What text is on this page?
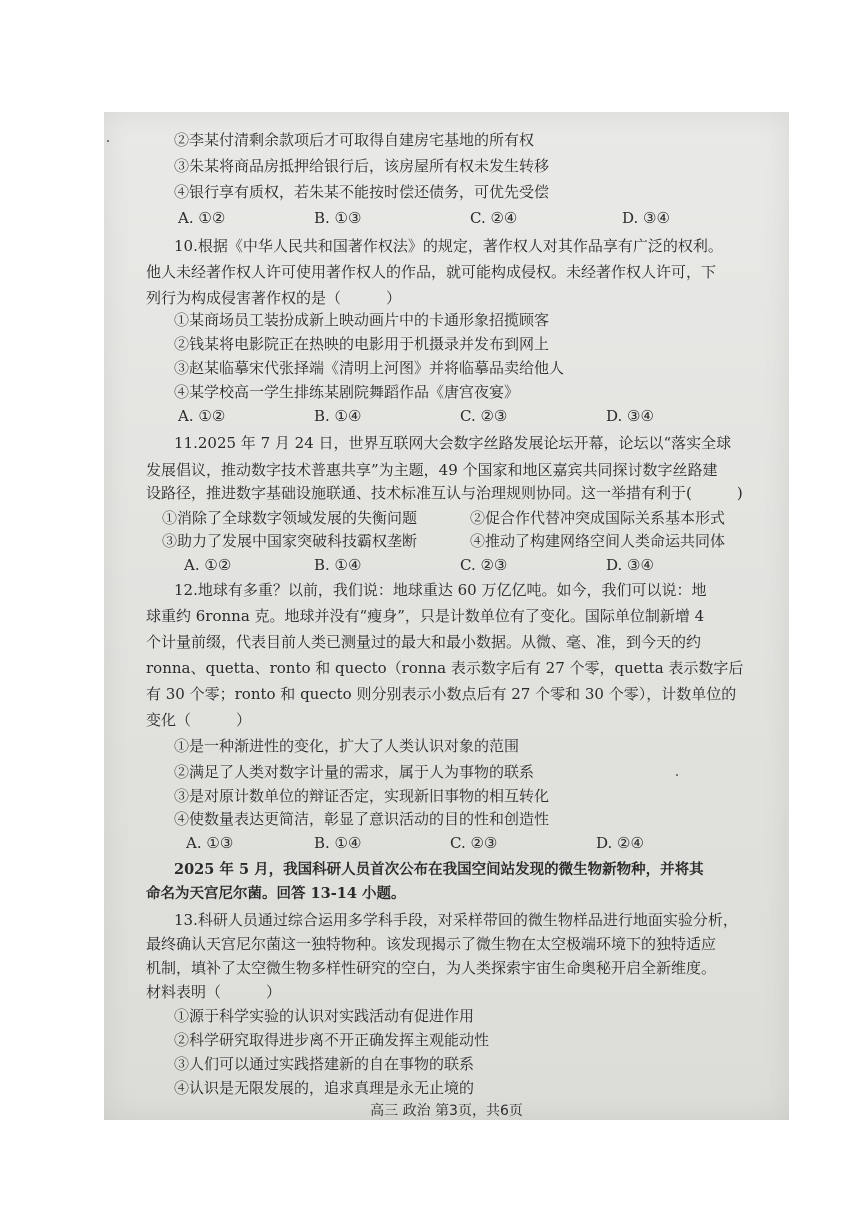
②李某付清剩余款项后才可取得自建房宅基地的所有权
③朱某将商品房抵押给银行后，该房屋所有权未发生转移
④银行享有质权，若朱某不能按时偿还债务，可优先受偿
A. ①②	B. ①③	C. ②④	D. ③④
10.根据《中华人民共和国著作权法》的规定，著作权人对其作品享有广泛的权利。
他人未经著作权人许可使用著作权人的作品，就可能构成侵权。未经著作权人许可，下
列行为构成侵害著作权的是（　　　）
①某商场员工装扮成新上映动画片中的卡通形象招揽顾客
②钱某将电影院正在热映的电影用于机摄录并发布到网上
③赵某临摹宋代张择端《清明上河图》并将临摹品卖给他人
④某学校高一学生排练某剧院舞蹈作品《唐宫夜宴》
A. ①②	B. ①④	C. ②③	D. ③④
11.2025 年 7 月 24 日，世界互联网大会数字丝路发展论坛开幕，论坛以“落实全球
发展倡议，推动数字技术普惠共享”为主题，49 个国家和地区嘉宾共同探讨数字丝路建
设路径，推进数字基础设施联通、技术标准互认与治理规则协同。这一举措有利于(　　　)
①消除了全球数字领域发展的失衡问题	②促合作代替冲突成国际关系基本形式
③助力了发展中国家突破科技霸权垄断	④推动了构建网络空间人类命运共同体
A. ①②	B. ①④	C. ②③	D. ③④
12.地球有多重？以前，我们说：地球重达 60 万亿亿吨。如今，我们可以说：地
球重约 6ronna 克。地球并没有“瘦身”，只是计数单位有了变化。国际单位制新增 4
个计量前缀，代表目前人类已测量过的最大和最小数据。从微、毫、准，到今天的约
ronna、quetta、ronto 和 quecto（ronna 表示数字后有 27 个零，quetta 表示数字后
有 30 个零；ronto 和 quecto 则分别表示小数点后有 27 个零和 30 个零），计数单位的
变化（　　　）
①是一种渐进性的变化，扩大了人类认识对象的范围
②满足了人类对数字计量的需求，属于人为事物的联系
③是对原计数单位的辩证否定，实现新旧事物的相互转化
④使数量表达更简洁，彰显了意识活动的目的性和创造性
A. ①③	B. ①④	C. ②③	D. ②④
2025 年 5 月，我国科研人员首次公布在我国空间站发现的微生物新物种，并将其
命名为天宫尼尔菌。回答 13-14 小题。
13.科研人员通过综合运用多学科手段，对采样带回的微生物样品进行地面实验分析，
最终确认天宫尼尔菌这一独特物种。该发现揭示了微生物在太空极端环境下的独特适应
机制，填补了太空微生物多样性研究的空白，为人类探索宇宙生命奥秘开启全新维度。
材料表明（　　　）
①源于科学实验的认识对实践活动有促进作用
②科学研究取得进步离不开正确发挥主观能动性
③人们可以通过实践搭建新的自在事物的联系
④认识是无限发展的，追求真理是永无止境的
高三 政治 第3页，共6页
